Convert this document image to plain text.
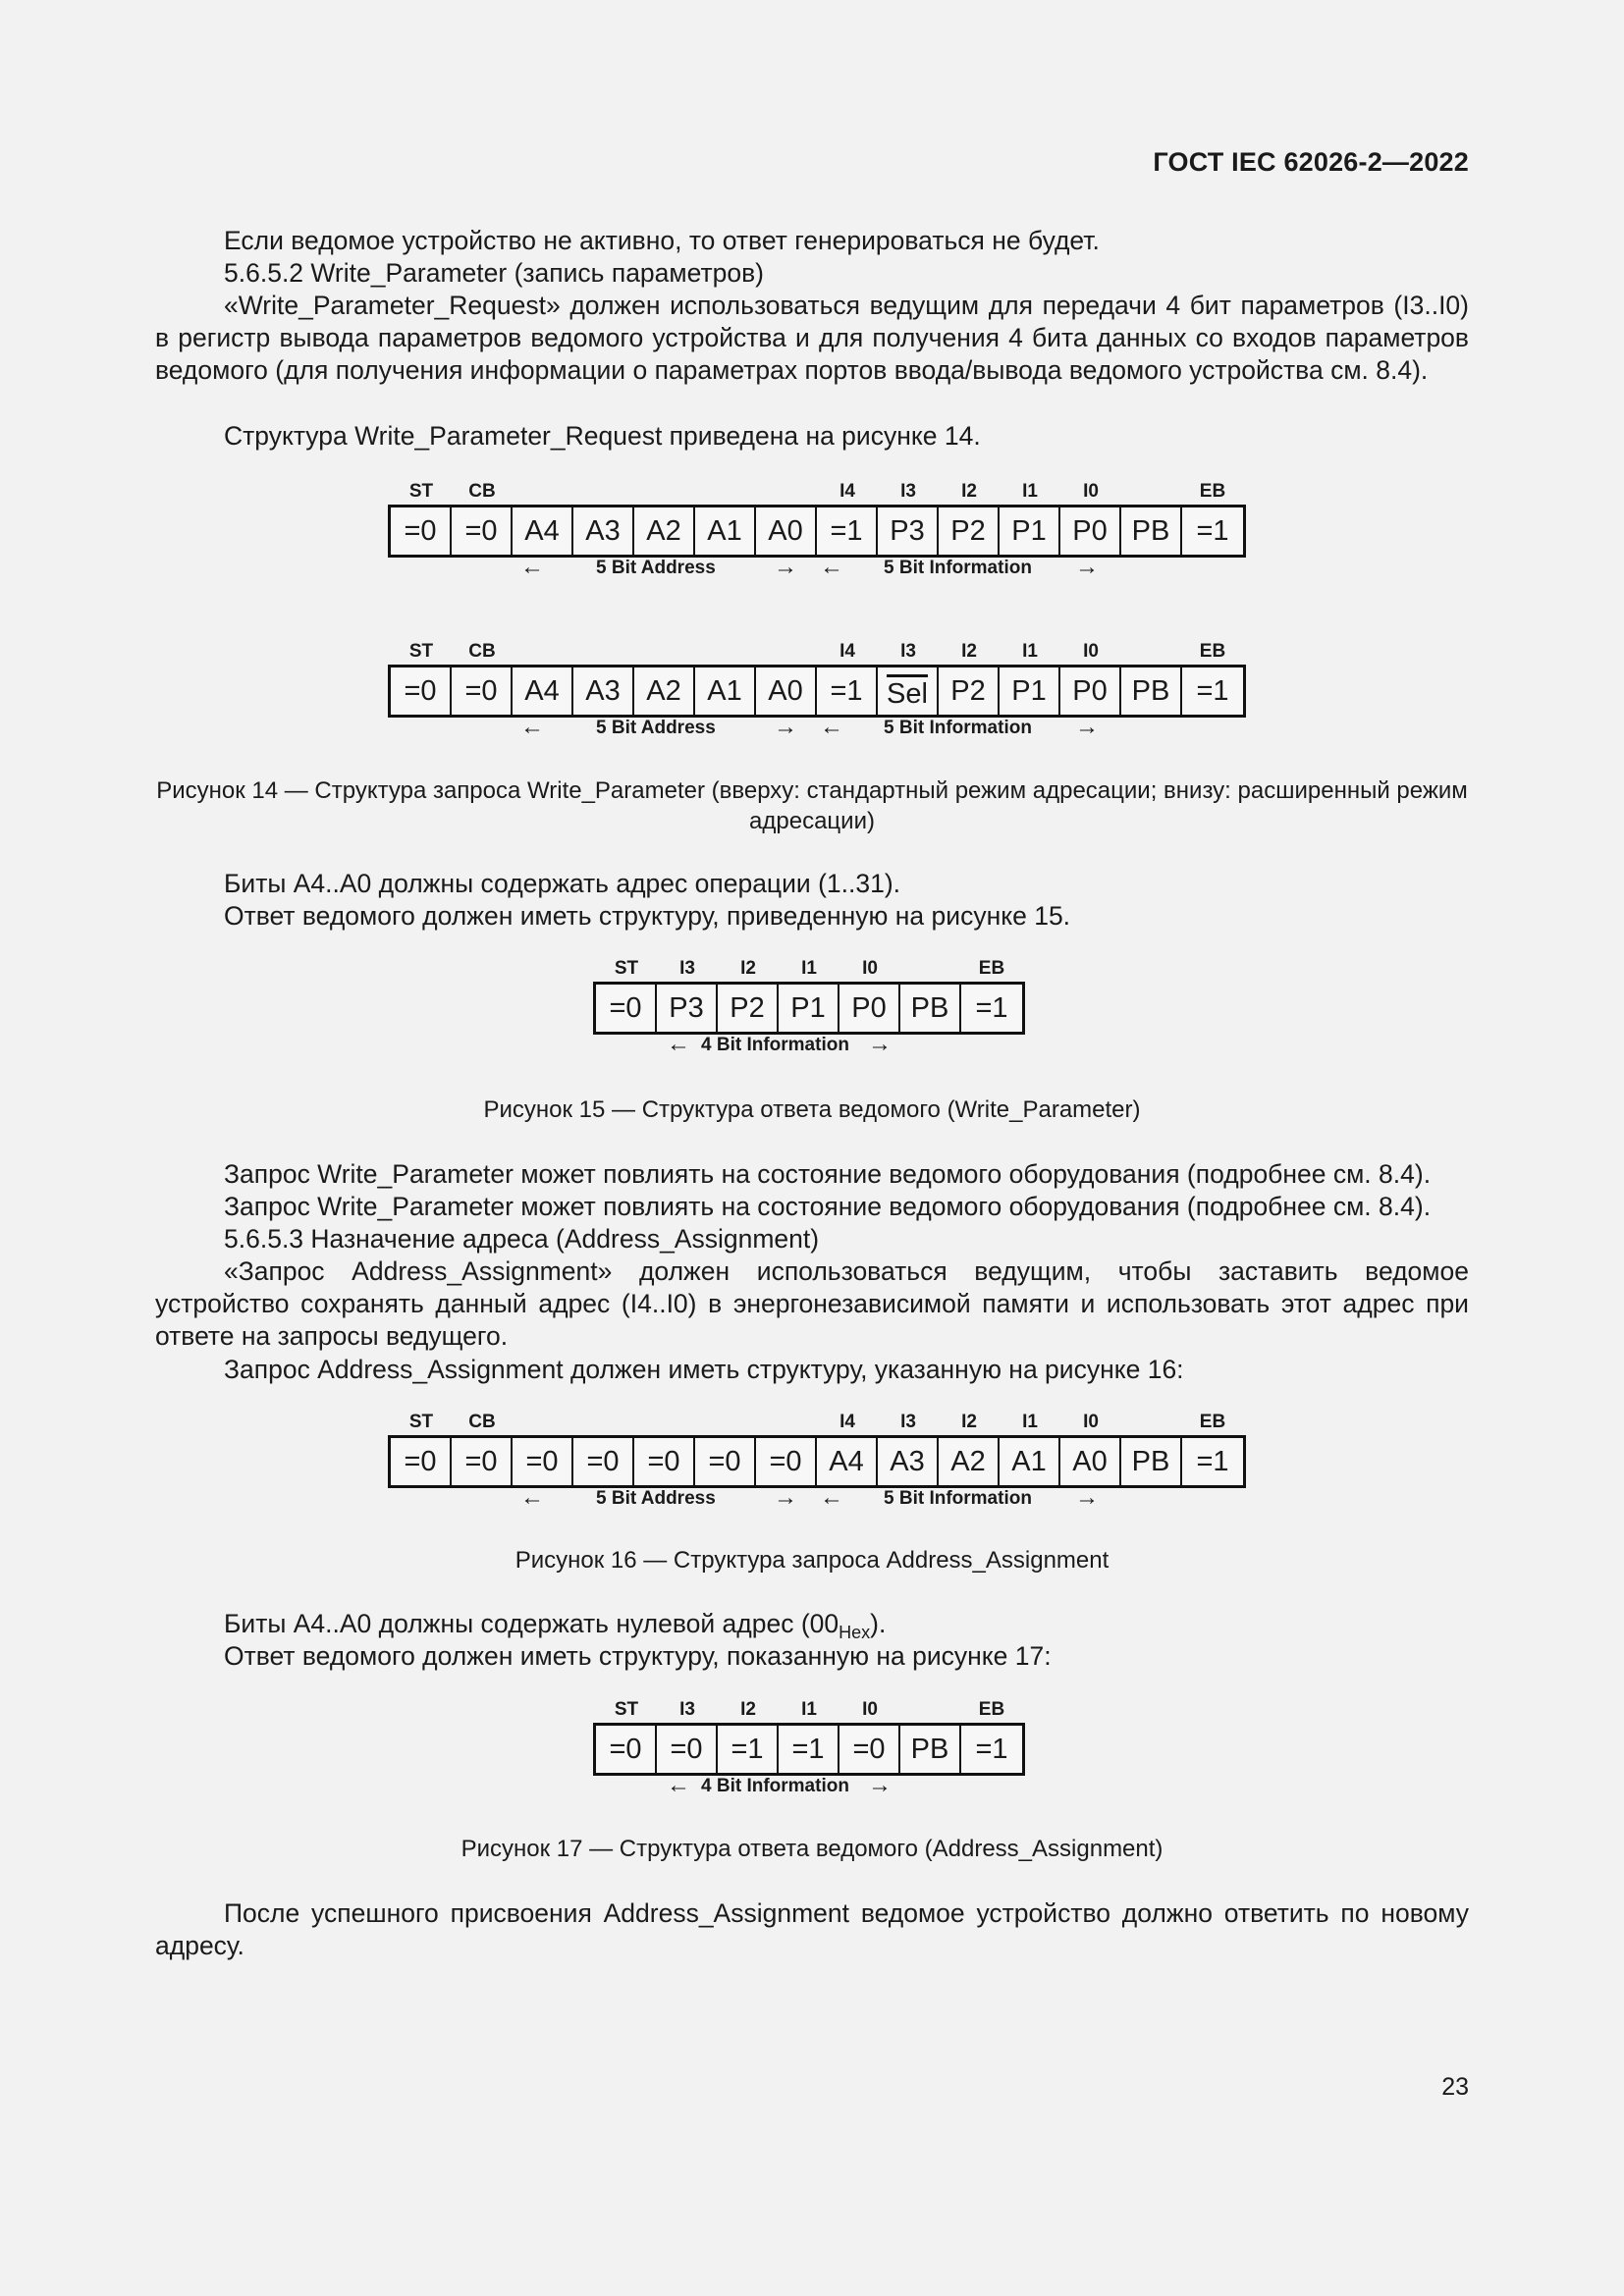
ГОСТ IEC 62026-2—2022
Если ведомое устройство не активно, то ответ генерироваться не будет.
5.6.5.2 Write_Parameter (запись параметров)
«Write_Parameter_Request» должен использоваться ведущим для передачи 4 бит параметров (I3..I0) в регистр вывода параметров ведомого устройства и для получения 4 бита данных со входов параметров ведомого (для получения информации о параметрах портов ввода/вывода ведомого устройства см. 8.4).
Структура Write_Parameter_Request приведена на рисунке 14.
ST CB	I4 I3 I2 I1 I0	EB
=0 =0 A4 A3 A2 A1 A0 =1 P3 P2 P1 P0 PB =1
←	5 Bit Address → ← 5 Bit Information →
ST CB	I4 I3 I2 I1 I0	EB
=0 =0 A4 A3 A2 A1 A0 =1 Sel P2 P1 P0 PB =1
←	5 Bit Address → ← 5 Bit Information →
Рисунок 14 — Структура запроса Write_Parameter (вверху: стандартный режим адресации; внизу: расширенный режим адресации)
Биты A4..A0 должны содержать адрес операции (1..31).
Ответ ведомого должен иметь структуру, приведенную на рисунке 15.
ST I3 I2 I1 I0	EB
=0 P3 P2 P1 P0 PB =1
← 4 Bit Information →
Рисунок 15 — Структура ответа ведомого (Write_Parameter)
Запрос Write_Parameter может повлиять на состояние ведомого оборудования (подробнее см. 8.4).
Запрос Write_Parameter может повлиять на состояние ведомого оборудования (подробнее см. 8.4).
5.6.5.3 Назначение адреса (Address_Assignment)
«Запрос Address_Assignment» должен использоваться ведущим, чтобы заставить ведомое устройство сохранять данный адрес (I4..I0) в энергонезависимой памяти и использовать этот адрес при ответе на запросы ведущего.
Запрос Address_Assignment должен иметь структуру, указанную на рисунке 16:
ST CB	I4 I3 I2 I1 I0	EB
=0 =0 =0 =0 =0 =0 =0 A4 A3 A2 A1 A0 PB =1
←	5 Bit Address → ← 5 Bit Information →
Рисунок 16 — Структура запроса Address_Assignment
Биты A4..A0 должны содержать нулевой адрес $(00_{Hex})$.
Ответ ведомого должен иметь структуру, показанную на рисунке 17:
ST I3 I2 I1 I0	EB
=0 =0 =1 =1 =0 PB =1
← 4 Bit Information →
Рисунок 17 — Структура ответа ведомого (Address_Assignment)
После успешного присвоения Address_Assignment ведомое устройство должно ответить по новому адресу.
23
